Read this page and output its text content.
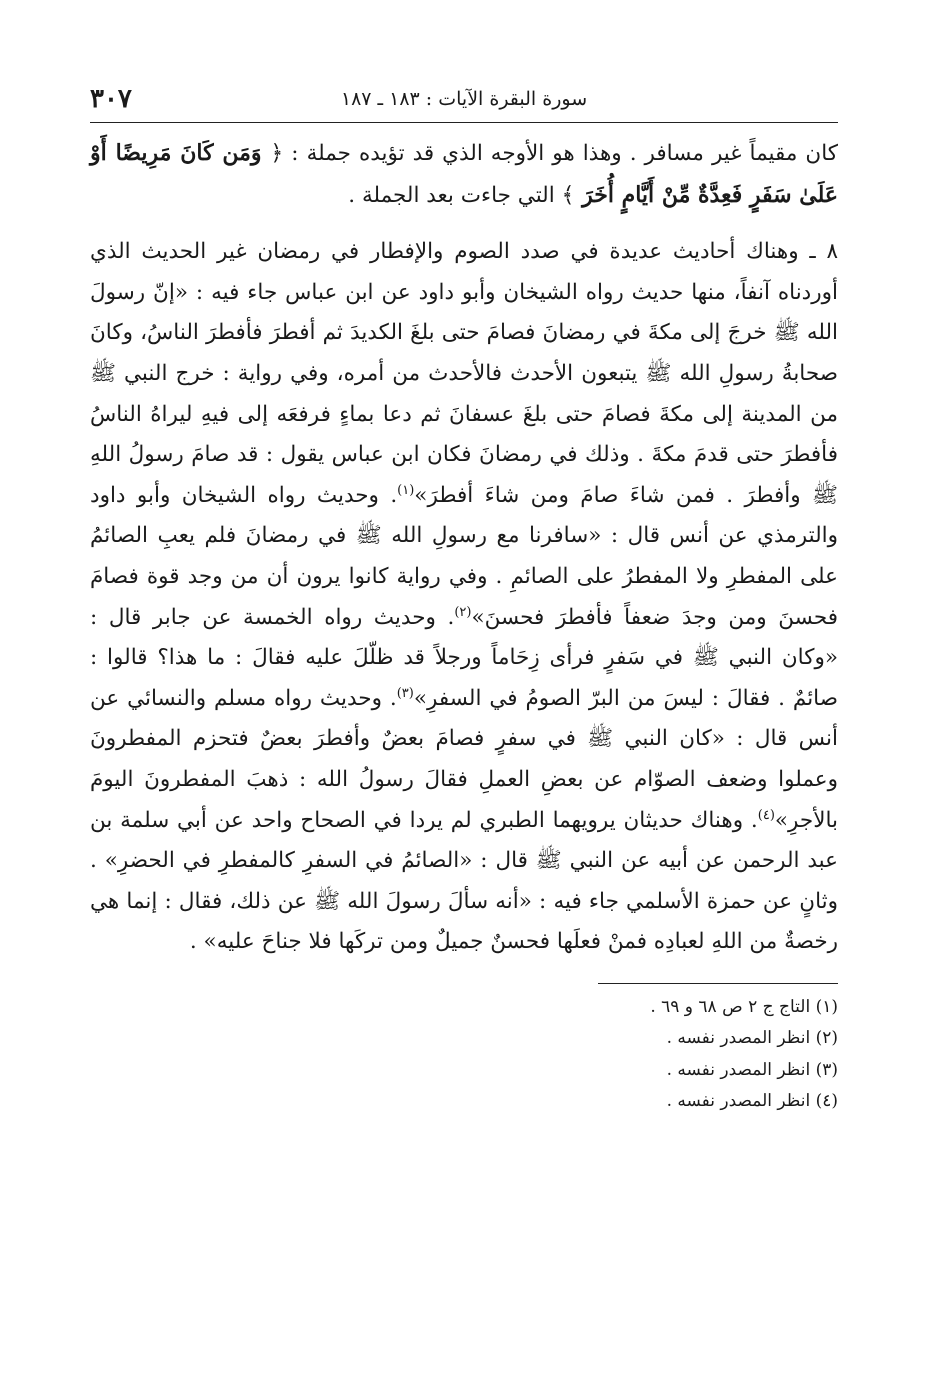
٣٠٧	سورة البقرة الآيات : ١٨٣ ـ ١٨٧

كان مقيماً غير مسافر . وهذا هو الأوجه الذي قد تؤيده جملة : ﴿ وَمَن كَانَ مَرِيضًا أَوْ عَلَىٰ سَفَرٍ فَعِدَّةٌ مِّنْ أَيَّامٍ أُخَرَ ﴾ التي جاءت بعد الجملة .

٨ ـ وهناك أحاديث عديدة في صدد الصوم والإفطار في رمضان غير الحديث الذي أوردناه آنفاً، منها حديث رواه الشيخان وأبو داود عن ابن عباس جاء فيه : «إنّ رسولَ الله ﷺ خرجَ إلى مكةَ في رمضانَ فصامَ حتى بلغَ الكديدَ ثم أفطرَ فأفطرَ الناسُ، وكانَ صحابةُ رسولِ الله ﷺ يتبعون الأحدث فالأحدث من أمره، وفي رواية : خرج النبي ﷺ من المدينة إلى مكةَ فصامَ حتى بلغَ عسفانَ ثم دعا بماءٍ فرفعَه إلى فيهِ ليراهُ الناسُ فأفطرَ حتى قدمَ مكةَ . وذلك في رمضانَ فكان ابن عباس يقول : قد صامَ رسولُ اللهِ ﷺ وأفطرَ . فمن شاءَ صامَ ومن شاءَ أفطرَ»$^{(١)}$. وحديث رواه الشيخان وأبو داود والترمذي عن أنس قال : «سافرنا مع رسولِ الله ﷺ في رمضانَ فلم يعبِ الصائمُ على المفطرِ ولا المفطرُ على الصائمِ . وفي رواية كانوا يرون أن من وجد قوة فصامَ فحسنَ ومن وجدَ ضعفاً فأفطرَ فحسنَ»$^{(٢)}$. وحديث رواه الخمسة عن جابر قال : «وكان النبي ﷺ في سَفرٍ فرأى زِحَاماً ورجلاً قد ظلّلَ عليه فقالَ : ما هذا؟ قالوا : صائمٌ . فقالَ : ليسَ من البرّ الصومُ في السفرِ»$^{(٣)}$. وحديث رواه مسلم والنسائي عن أنس قال : «كان النبي ﷺ في سفرٍ فصامَ بعضٌ وأفطرَ بعضٌ فتحزم المفطرونَ وعملوا وضعف الصوّام عن بعضِ العملِ فقالَ رسولُ الله : ذهبَ المفطرونَ اليومَ بالأجرِ»$^{(٤)}$. وهناك حديثان يرويهما الطبري لم يردا في الصحاح واحد عن أبي سلمة بن عبد الرحمن عن أبيه عن النبي ﷺ قال : «الصائمُ في السفرِ كالمفطرِ في الحضرِ» . وثانٍ عن حمزة الأسلمي جاء فيه : «أنه سألَ رسولَ الله ﷺ عن ذلك، فقال : إنما هي رخصةٌ من اللهِ لعبادِه فمنْ فعلَها فحسنٌ جميلٌ ومن تركَها فلا جناحَ عليه» .

(١) التاج ج ٢ ص ٦٨ و ٦٩ .
(٢) انظر المصدر نفسه .
(٣) انظر المصدر نفسه .
(٤) انظر المصدر نفسه .
